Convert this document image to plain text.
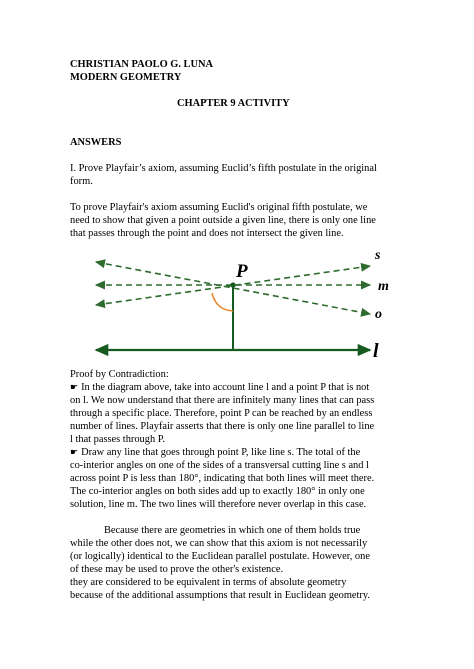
CHRISTIAN PAOLO G. LUNA

MODERN GEOMETRY

CHAPTER 9 ACTIVITY

ANSWERS

I. Prove Playfair’s axiom, assuming Euclid’s fifth postulate in the original

form.

To prove Playfair's axiom assuming Euclid's original fifth postulate, we

need to show that given a point outside a given line, there is only one line

that passes through the point and does not intersect the given line.

P
s
m
o
l

Proof by Contradiction:

☛ In the diagram above, take into account line l and a point P that is not

on l. We now understand that there are infinitely many lines that can pass

through a specific place. Therefore, point P can be reached by an endless

number of lines. Playfair asserts that there is only one line parallel to line

l that passes through P.

☛ Draw any line that goes through point P, like line s. The total of the

co-interior angles on one of the sides of a transversal cutting line s and l

across point P is less than 180°, indicating that both lines will meet there.

The co-interior angles on both sides add up to exactly 180° in only one

solution, line m. The two lines will therefore never overlap in this case.

Because there are geometries in which one of them holds true

while the other does not, we can show that this axiom is not necessarily

(or logically) identical to the Euclidean parallel postulate. However, one

of these may be used to prove the other's existence.

they are considered to be equivalent in terms of absolute geometry

because of the additional assumptions that result in Euclidean geometry.
